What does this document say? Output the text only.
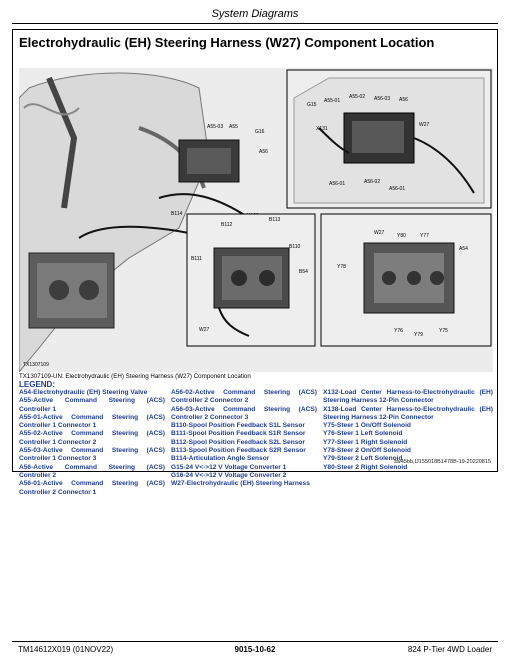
System Diagrams
Electrohydraulic (EH) Steering Harness (W27) Component Location
A55-03 A55
G16
A56
B114
G15
A55-01
A55-02 A56-03 A56
X131
W27
A56-01	A56-02
A56-01
B112
B113
B111
B110
W27
B54
W27	Y80	Y77
Y78
A54
Y76
Y79
Y75
TX1307109
TX1307109-UN: Electrohydraulic (EH) Steering Harness (W27) Component Location
LEGEND:
A54-Electrohydraulic (EH) Steering Valve
A55-Active Command Steering (ACS) Controller 1
A55-01-Active Command Steering (ACS) Controller 1 Connector 1
A55-02-Active Command Steering (ACS) Controller 1 Connector 2
A55-03-Active Command Steering (ACS) Controller 1 Connector 3
A56-Active Command Steering (ACS) Controller 2
A56-01-Active Command Steering (ACS) Controller 2 Connector 1
A56-02-Active Command Steering (ACS) Controller 2 Connector 2
A56-03-Active Command Steering (ACS) Controller 2 Connector 3
B110-Spool Position Feedback S1L Sensor
B111-Spool Position Feedback S1R Sensor
B112-Spool Position Feedback S2L Sensor
B113-Spool Position Feedback S2R Sensor
B114-Articulation Angle Sensor
G15-24 V<->12 V Voltage Converter 1
G16-24 V<->12 V Voltage Converter 2
W27-Electrohydraulic (EH) Steering Harness
X132-Load Center Harness-to-Electrohydraulic (EH) Steering Harness 12-Pin Connector
X138-Load Center Harness-to-Electrohydraulic (EH) Steering Harness 12-Pin Connector
Y75-Steer 1 On/Off Solenoid
Y76-Steer 1 Left Solenoid
Y77-Steer 1 Right Solenoid
Y78-Steer 2 On/Off Solenoid
Y79-Steer 2 Left Solenoid
Y80-Steer 2 Right Solenoid
sw45bb,IJ155018B1478B-19-20220815
TM14612X019 (01NOV22)	9015-10-62	824 P-Tier 4WD Loader
